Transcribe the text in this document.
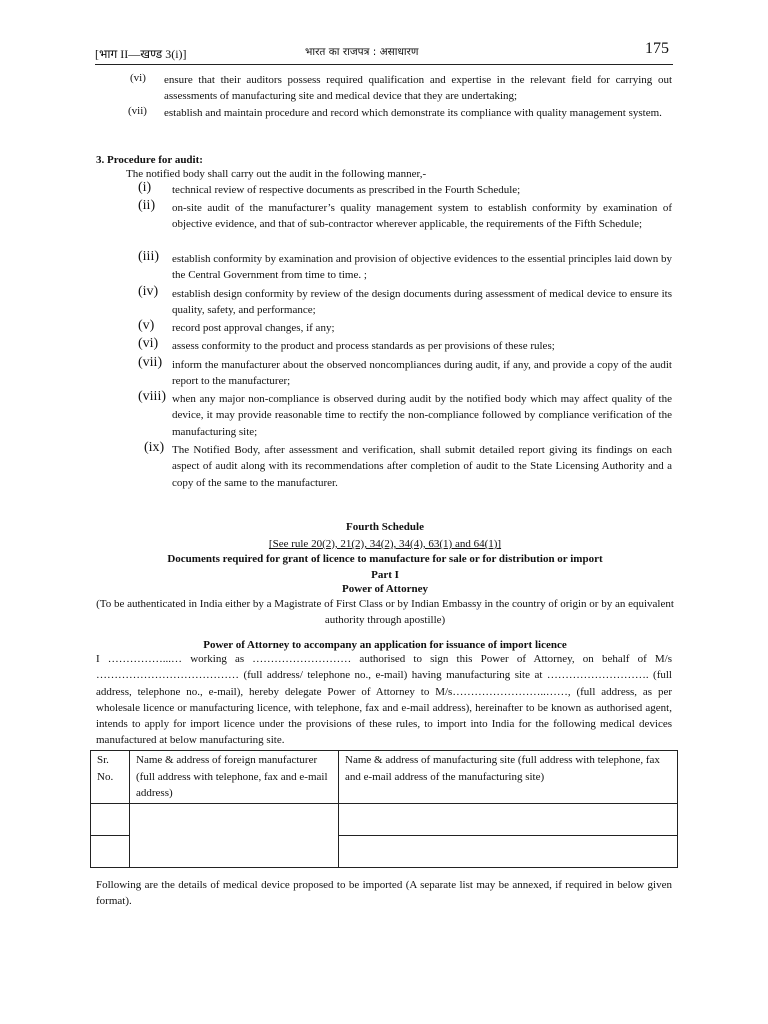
[भाग II—खण्ड 3(i)]	भारत का राजपत्र : असाधारण	175
(vi) ensure that their auditors possess required qualification and expertise in the relevant field for carrying out assessments of manufacturing site and medical device that they are undertaking;
(vii) establish and maintain procedure and record which demonstrate its compliance with quality management system.
3. Procedure for audit:
The notified body shall carry out the audit in the following manner,-
(i) technical review of respective documents as prescribed in the Fourth Schedule;
(ii) on-site audit of the manufacturer’s quality management system to establish conformity by examination of objective evidence, and that of sub-contractor wherever applicable, the requirements of the Fifth Schedule;
(iii) establish conformity by examination and provision of objective evidences to the essential principles laid down by the Central Government from time to time. ;
(iv) establish design conformity by review of the design documents during assessment of medical device to ensure its quality, safety, and performance;
(v) record post approval changes, if any;
(vi) assess conformity to the product and process standards as per provisions of these rules;
(vii) inform the manufacturer about the observed noncompliances during audit, if any, and provide a copy of the audit report to the manufacturer;
(viii) when any major non-compliance is observed during audit by the notified body which may affect quality of the device, it may provide reasonable time to rectify the non-compliance followed by compliance verification of the manufacturing site;
(ix) The Notified Body, after assessment and verification, shall submit detailed report giving its findings on each aspect of audit along with its recommendations after completion of audit to the State Licensing Authority and a copy of the same to the manufacturer.
Fourth Schedule
[See rule 20(2), 21(2), 34(2), 34(4), 63(1) and 64(1)]
Documents required for grant of licence to manufacture for sale or for distribution or import
Part I
Power of Attorney
(To be authenticated in India either by a Magistrate of First Class or by Indian Embassy in the country of origin or by an equivalent authority through apostille)
Power of Attorney to accompany an application for issuance of import licence
I ……………...… working as ……………………… authorised to sign this Power of Attorney, on behalf of M/s ………………………………… (full address/ telephone no., e-mail) having manufacturing site at ………………………. (full address, telephone no., e-mail), hereby delegate Power of Attorney to M/s……………………..……, (full address, as per wholesale licence or manufacturing licence, with telephone, fax and e-mail address), hereinafter to be known as authorised agent, intends to apply for import licence under the provisions of these rules, to import into India for the following medical devices manufactured at below manufacturing site.
Sr. No.	Name & address of foreign manufacturer (full address with telephone, fax and e-mail address)	Name & address of manufacturing site (full address with telephone, fax and e-mail address of the manufacturing site)

Following are the details of medical device proposed to be imported (A separate list may be annexed, if required in below given format).
